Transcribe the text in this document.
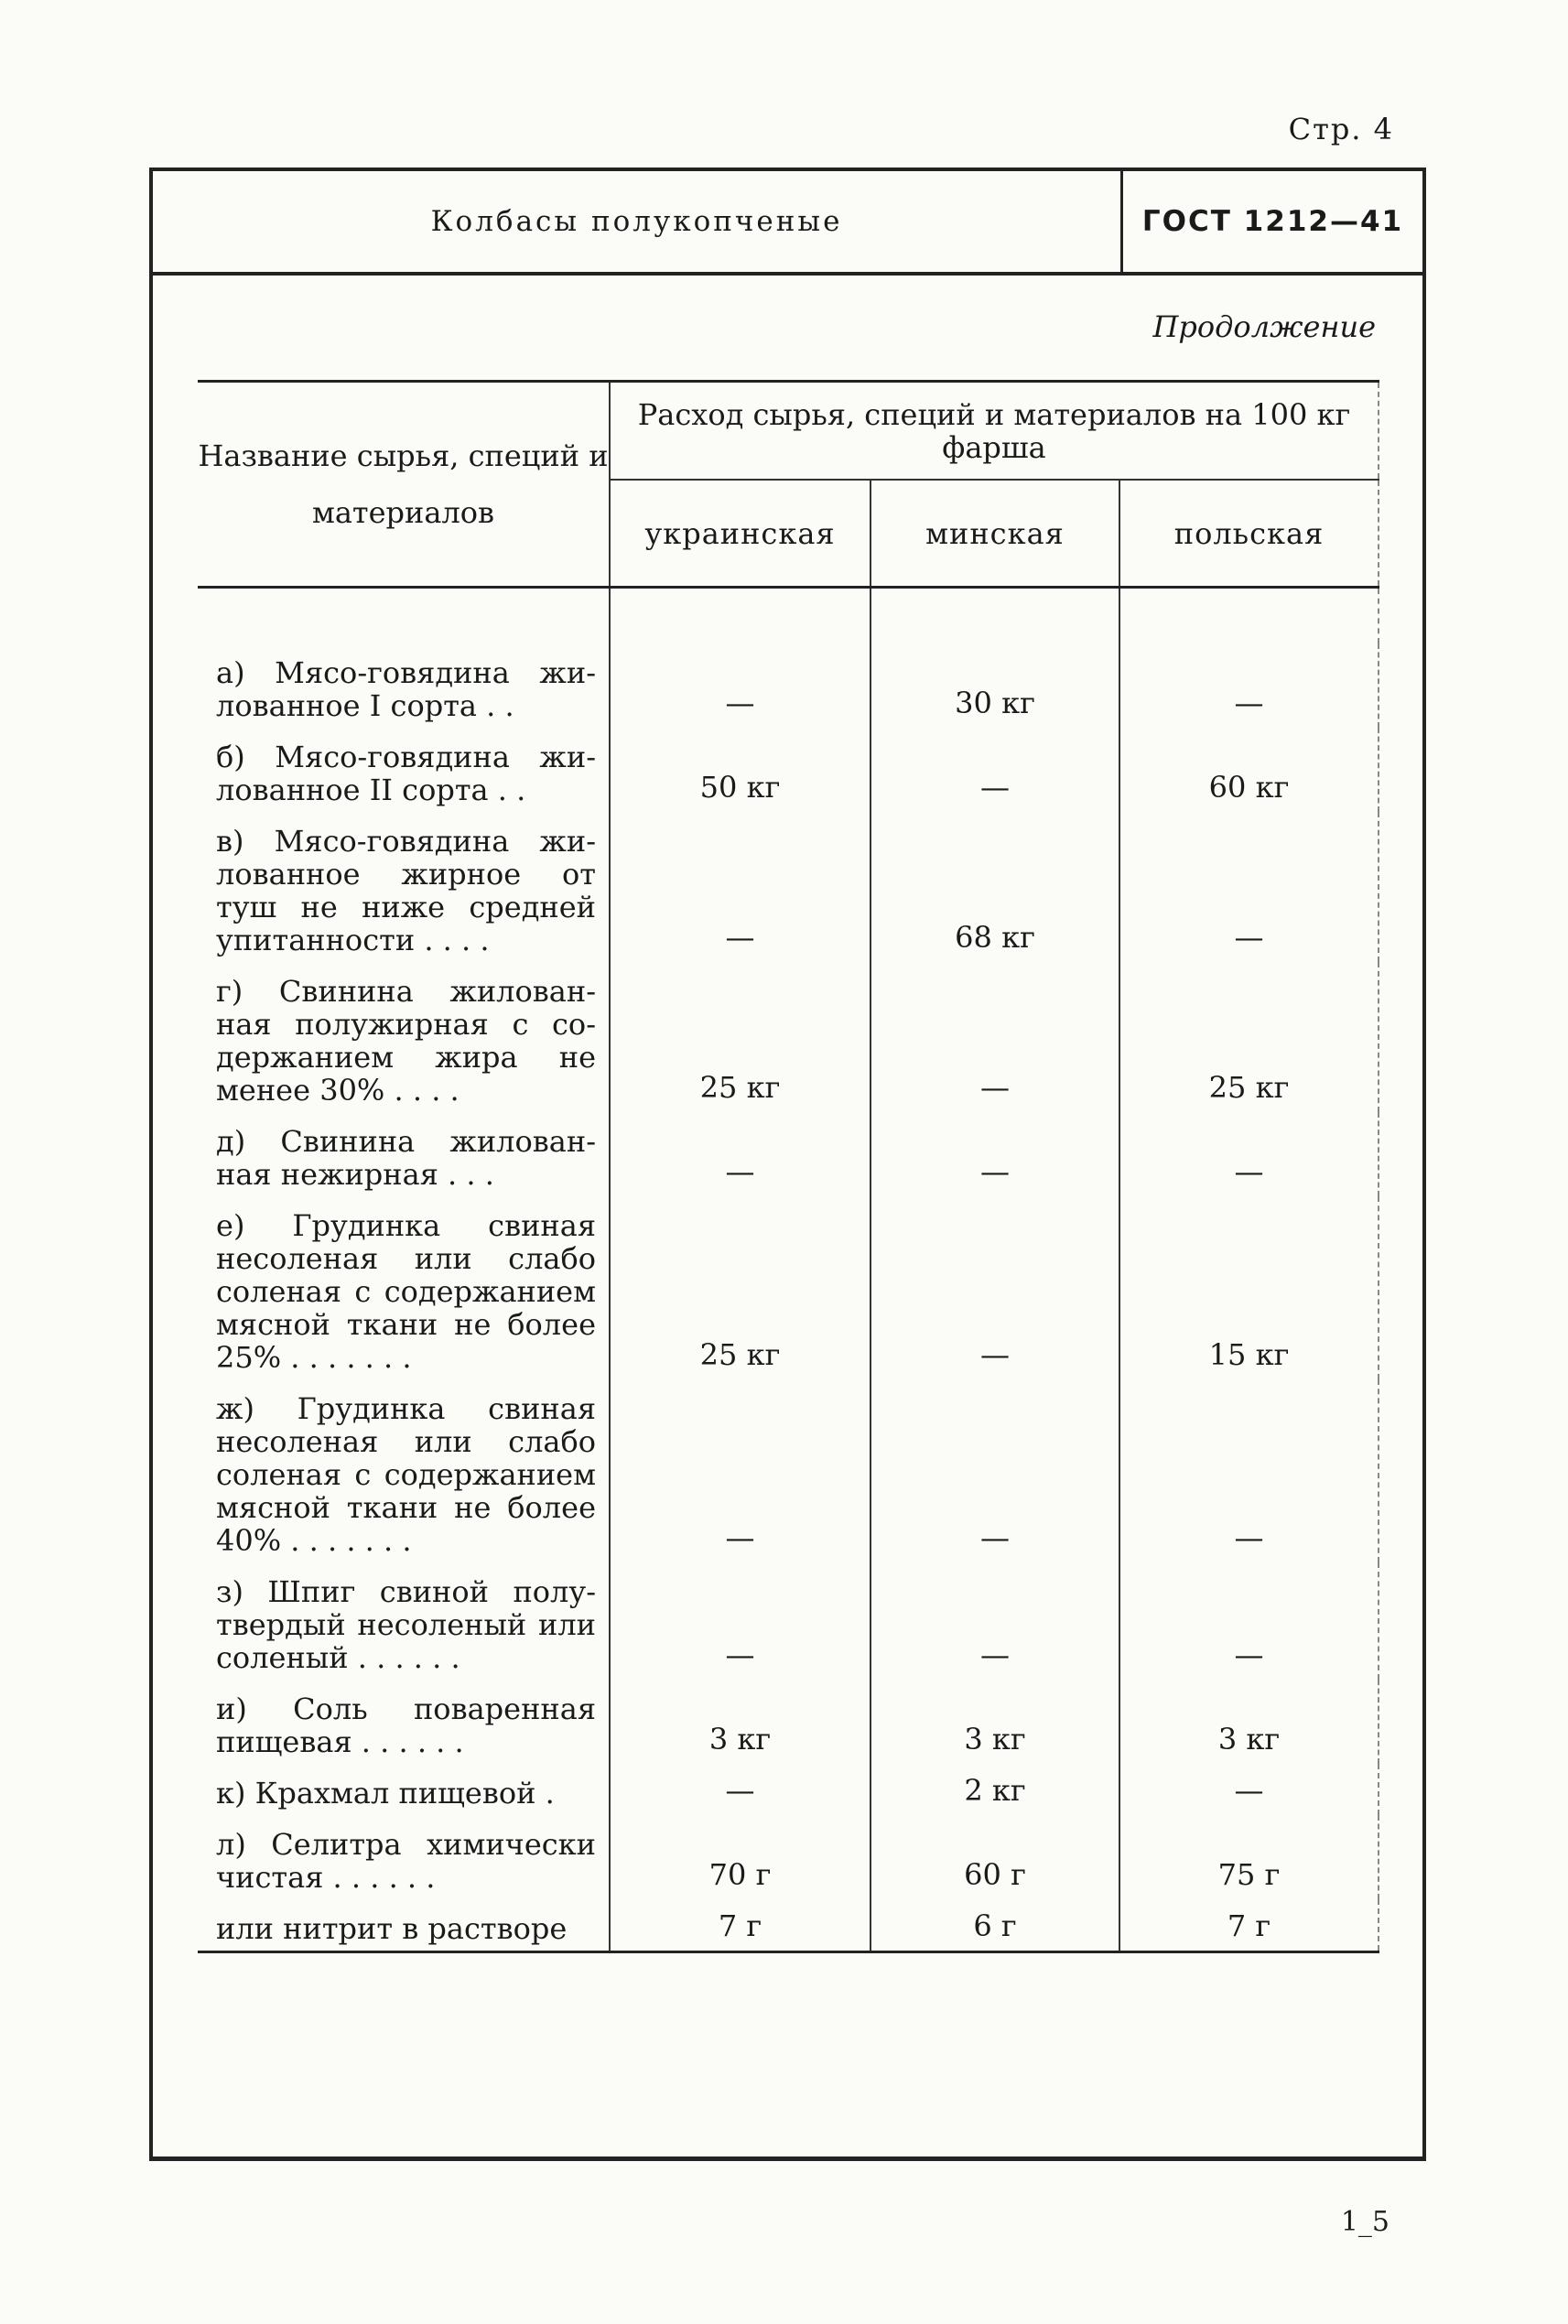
Стр. 4
Колбасы полукопченые	ГОСТ 1212—41
Продолжение
Название сырья, специй и материалов	Расход сырья, специй и материалов на 100 кг фарша		
	украинская	минская	польская

а) Мясо-говядина жи-
лованное I сорта . .	—	30 кг	—

б) Мясо-говядина жи-
лованное II сорта . .	50 кг	—	60 кг

в) Мясо-говядина жи-
лованное жирное от
туш не ниже средней
упитанности . . . .	—	68 кг	—

г) Свинина жилован-
ная полужирная с со-
держанием жира не
менее 30% . . . .	25 кг	—	25 кг

д) Свинина жилован-
ная нежирная . . .	—	—	—

е) Грудинка свиная
несоленая или слабо
соленая с содержанием
мясной ткани не более
25% . . . . . . .	25 кг	—	15 кг

ж) Грудинка свиная
несоленая или слабо
соленая с содержанием
мясной ткани не более
40% . . . . . . .	—	—	—

з) Шпиг свиной полу-
твердый несоленый или
соленый . . . . . .	—	—	—

и) Соль поваренная
пищевая . . . . . .	3 кг	3 кг	3 кг

к) Крахмал пищевой .	—	2 кг	—

л) Селитра химически
чистая . . . . . .	70 г	60 г	75 г

или нитрит в растворе	7 г	6 г	7 г
1_5
